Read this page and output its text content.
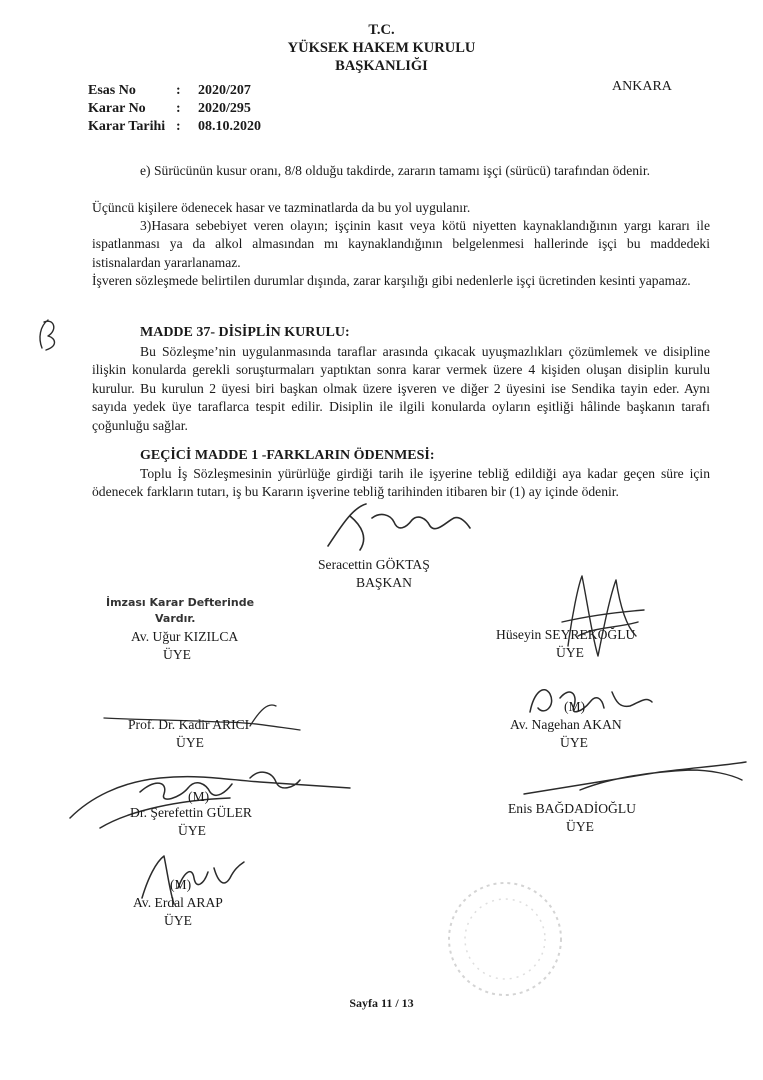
T.C.
YÜKSEK HAKEM KURULU
BAŞKANLIĞI
ANKARA
Esas No	: 2020/207
Karar No : 2020/295
Karar Tarihi : 08.10.2020
e) Sürücünün kusur oranı, 8/8 olduğu takdirde, zararın tamamı işçi (sürücü) tarafından ödenir.
Üçüncü kişilere ödenecek hasar ve tazminatlarda da bu yol uygulanır.
3)Hasara sebebiyet veren olayın; işçinin kasıt veya kötü niyetten kaynaklandığının yargı kararı ile ispatlanması ya da alkol almasından mı kaynaklandığının belgelenmesi hallerinde işçi bu maddedeki istisnalardan yararlanamaz.
İşveren sözleşmede belirtilen durumlar dışında, zarar karşılığı gibi nedenlerle işçi ücretinden kesinti yapamaz.
MADDE 37- DİSİPLİN KURULU:
Bu Sözleşme’nin uygulanmasında taraflar arasında çıkacak uyuşmazlıkları çözümlemek ve disipline ilişkin konularda gerekli soruşturmaları yaptıktan sonra karar vermek üzere 4 kişiden oluşan disiplin kurulu kurulur. Bu kurulun 2 üyesi biri başkan olmak üzere işveren ve diğer 2 üyesini ise Sendika tayin eder. Aynı sayıda yedek üye taraflarca tespit edilir. Disiplin ile ilgili konularda oyların eşitliği hâlinde başkanın tarafı çoğunluğu sağlar.
GEÇİCİ MADDE 1 -FARKLARIN ÖDENMESİ:
Toplu İş Sözleşmesinin yürürlüğe girdiği tarih ile işyerine tebliğ edildiği aya kadar geçen süre için ödenecek farkların tutarı, iş bu Kararın işverine tebliğ tarihinden itibaren bir (1) ay içinde ödenir.
Seracettin GÖKTAŞ
BAŞKAN
İmzası Karar Defterinde
Vardır.
Av. Uğur KIZILCA
ÜYE
Hüseyin SEYREKOĞLU
ÜYE
Prof. Dr. Kadir ARICI
ÜYE
(M)
Av. Nagehan AKAN
ÜYE
(M)
Dr. Şerefettin GÜLER
ÜYE
Enis BAĞDADİOĞLU
ÜYE
(M)
Av. Erdal ARAP
ÜYE
Sayfa 11 / 13
